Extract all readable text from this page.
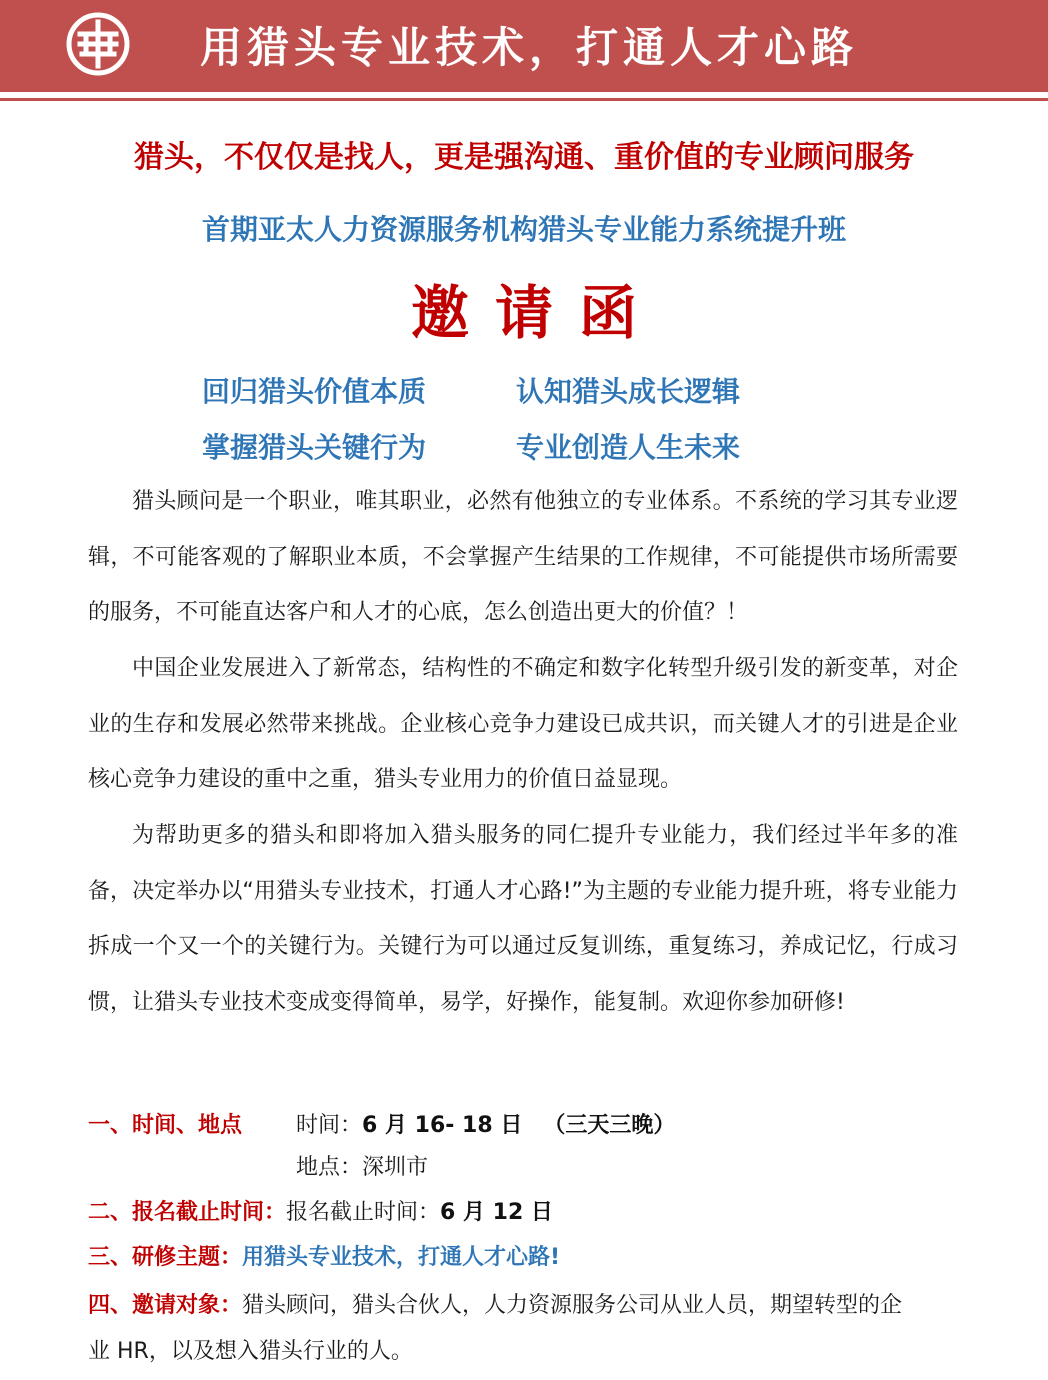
用猎头专业技术，打通人才心路
猎头，不仅仅是找人，更是强沟通、重价值的专业顾问服务
首期亚太人力资源服务机构猎头专业能力系统提升班
邀请函
回归猎头价值本质	认知猎头成长逻辑
掌握猎头关键行为	专业创造人生未来

猎头顾问是一个职业，唯其职业，必然有他独立的专业体系。不系统的学习其专业逻辑，不可能客观的了解职业本质，不会掌握产生结果的工作规律，不可能提供市场所需要的服务，不可能直达客户和人才的心底，怎么创造出更大的价值？！

中国企业发展进入了新常态，结构性的不确定和数字化转型升级引发的新变革，对企业的生存和发展必然带来挑战。企业核心竞争力建设已成共识，而关键人才的引进是企业核心竞争力建设的重中之重，猎头专业用力的价值日益显现。

为帮助更多的猎头和即将加入猎头服务的同仁提升专业能力，我们经过半年多的准备，决定举办以“用猎头专业技术，打通人才心路!”为主题的专业能力提升班，将专业能力拆成一个又一个的关键行为。关键行为可以通过反复训练，重复练习，养成记忆，行成习惯，让猎头专业技术变成变得简单，易学，好操作，能复制。欢迎你参加研修!

一、时间、地点 时间：6 月 16- 18 日 （三天三晚）
地点：深圳市
二、报名截止时间：报名截止时间：6 月 12 日
三、研修主题：用猎头专业技术，打通人才心路!
四、邀请对象：猎头顾问，猎头合伙人，人力资源服务公司从业人员，期望转型的企
业 HR，以及想入猎头行业的人。
